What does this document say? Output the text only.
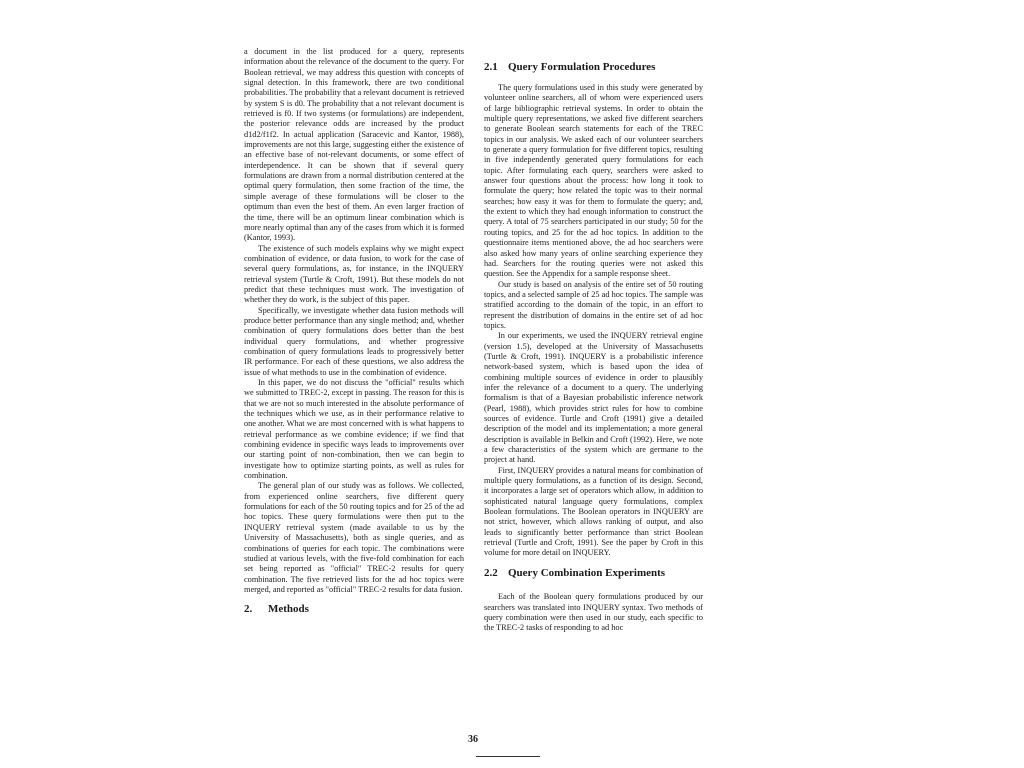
a document in the list produced for a query, represents information about the relevance of the document to the query. For Boolean retrieval, we may address this question with concepts of signal detection. In this framework, there are two conditional probabilities. The probability that a relevant document is retrieved by system S is d0. The probability that a not relevant document is retrieved is f0. If two systems (or formulations) are independent, the posterior relevance odds are increased by the product d1d2/f1f2. In actual application (Saracevic and Kantor, 1988), improvements are not this large, suggesting either the existence of an effective base of not-relevant documents, or some effect of interdependence. It can be shown that if several query formulations are drawn from a normal distribution centered at the optimal query formulation, then some fraction of the time, the simple average of these formulations will be closer to the optimum than even the best of them. An even larger fraction of the time, there will be an optimum linear combination which is more nearly optimal than any of the cases from which it is formed (Kantor, 1993).

The existence of such models explains why we might expect combination of evidence, or data fusion, to work for the case of several query formulations, as, for instance, in the INQUERY retrieval system (Turtle & Croft, 1991). But these models do not predict that these techniques must work. The investigation of whether they do work, is the subject of this paper.

Specifically, we investigate whether data fusion methods will produce better performance than any single method; and, whether combination of query formulations does better than the best individual query formulations, and whether progressive combination of query formulations leads to progressively better IR performance. For each of these questions, we also address the issue of what methods to use in the combination of evidence.

In this paper, we do not discuss the "official" results which we submitted to TREC-2, except in passing. The reason for this is that we are not so much interested in the absolute performance of the techniques which we use, as in their performance relative to one another. What we are most concerned with is what happens to retrieval performance as we combine evidence; if we find that combining evidence in specific ways leads to improvements over our starting point of non-combination, then we can begin to investigate how to optimize starting points, as well as rules for combination.

The general plan of our study was as follows. We collected, from experienced online searchers, five different query formulations for each of the 50 routing topics and for 25 of the ad hoc topics. These query formulations were then put to the INQUERY retrieval system (made available to us by the University of Massachusetts), both as single queries, and as combinations of queries for each topic. The combinations were studied at various levels, with the five-fold combination for each set being reported as "official" TREC-2 results for query combination. The five retrieved lists for the ad hoc topics were merged, and reported as "official" TREC-2 results for data fusion.

2. Methods
2.1 Query Formulation Procedures

The query formulations used in this study were generated by volunteer online searchers, all of whom were experienced users of large bibliographic retrieval systems. In order to obtain the multiple query representations, we asked five different searchers to generate Boolean search statements for each of the TREC topics in our analysis. We asked each of our volunteer searchers to generate a query formulation for five different topics, resulting in five independently generated query formulations for each topic. After formulating each query, searchers were asked to answer four questions about the process: how long it took to formulate the query; how related the topic was to their normal searches; how easy it was for them to formulate the query; and, the extent to which they had enough information to construct the query. A total of 75 searchers participated in our study; 50 for the routing topics, and 25 for the ad hoc topics. In addition to the questionnaire items mentioned above, the ad hoc searchers were also asked how many years of online searching experience they had. Searchers for the routing queries were not asked this question. See the Appendix for a sample response sheet.

Our study is based on analysis of the entire set of 50 routing topics, and a selected sample of 25 ad hoc topics. The sample was stratified according to the domain of the topic, in an effort to represent the distribution of domains in the entire set of ad hoc topics.

In our experiments, we used the INQUERY retrieval engine (version 1.5), developed at the University of Massachusetts (Turtle & Croft, 1991). INQUERY is a probabilistic inference network-based system, which is based upon the idea of combining multiple sources of evidence in order to plausibly infer the relevance of a document to a query. The underlying formalism is that of a Bayesian probabilistic inference network (Pearl, 1988), which provides strict rules for how to combine sources of evidence. Turtle and Croft (1991) give a detailed description of the model and its implementation; a more general description is available in Belkin and Croft (1992). Here, we note a few characteristics of the system which are germane to the project at hand.

First, INQUERY provides a natural means for combination of multiple query formulations, as a function of its design. Second, it incorporates a large set of operators which allow, in addition to sophisticated natural language query formulations, complex Boolean formulations. The Boolean operators in INQUERY are not strict, however, which allows ranking of output, and also leads to significantly better performance than strict Boolean retrieval (Turtle and Croft, 1991). See the paper by Croft in this volume for more detail on INQUERY.

2.2 Query Combination Experiments

Each of the Boolean query formulations produced by our searchers was translated into INQUERY syntax. Two methods of query combination were then used in our study, each specific to the TREC-2 tasks of responding to ad hoc

36
